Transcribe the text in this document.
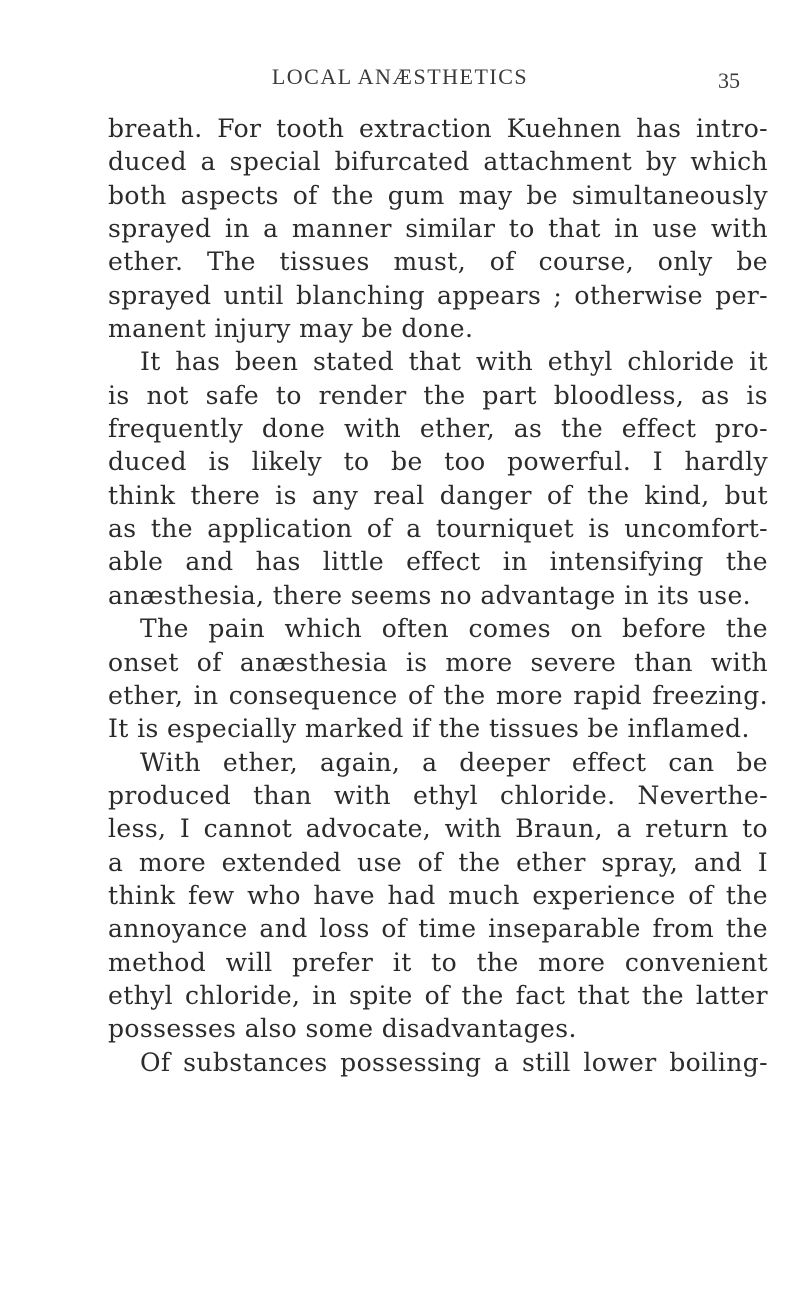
LOCAL ANÆSTHETICS	35
breath. For tooth extraction Kuehnen has intro-
duced a special bifurcated attachment by which
both aspects of the gum may be simultaneously
sprayed in a manner similar to that in use with
ether. The tissues must, of course, only be
sprayed until blanching appears ; otherwise per-
manent injury may be done.
It has been stated that with ethyl chloride it
is not safe to render the part bloodless, as is
frequently done with ether, as the effect pro-
duced is likely to be too powerful. I hardly
think there is any real danger of the kind, but
as the application of a tourniquet is uncomfort-
able and has little effect in intensifying the
anæsthesia, there seems no advantage in its use.
The pain which often comes on before the
onset of anæsthesia is more severe than with
ether, in consequence of the more rapid freezing.
It is especially marked if the tissues be inflamed.
With ether, again, a deeper effect can be
produced than with ethyl chloride. Neverthe-
less, I cannot advocate, with Braun, a return to
a more extended use of the ether spray, and I
think few who have had much experience of the
annoyance and loss of time inseparable from the
method will prefer it to the more convenient
ethyl chloride, in spite of the fact that the latter
possesses also some disadvantages.
Of substances possessing a still lower boiling-
